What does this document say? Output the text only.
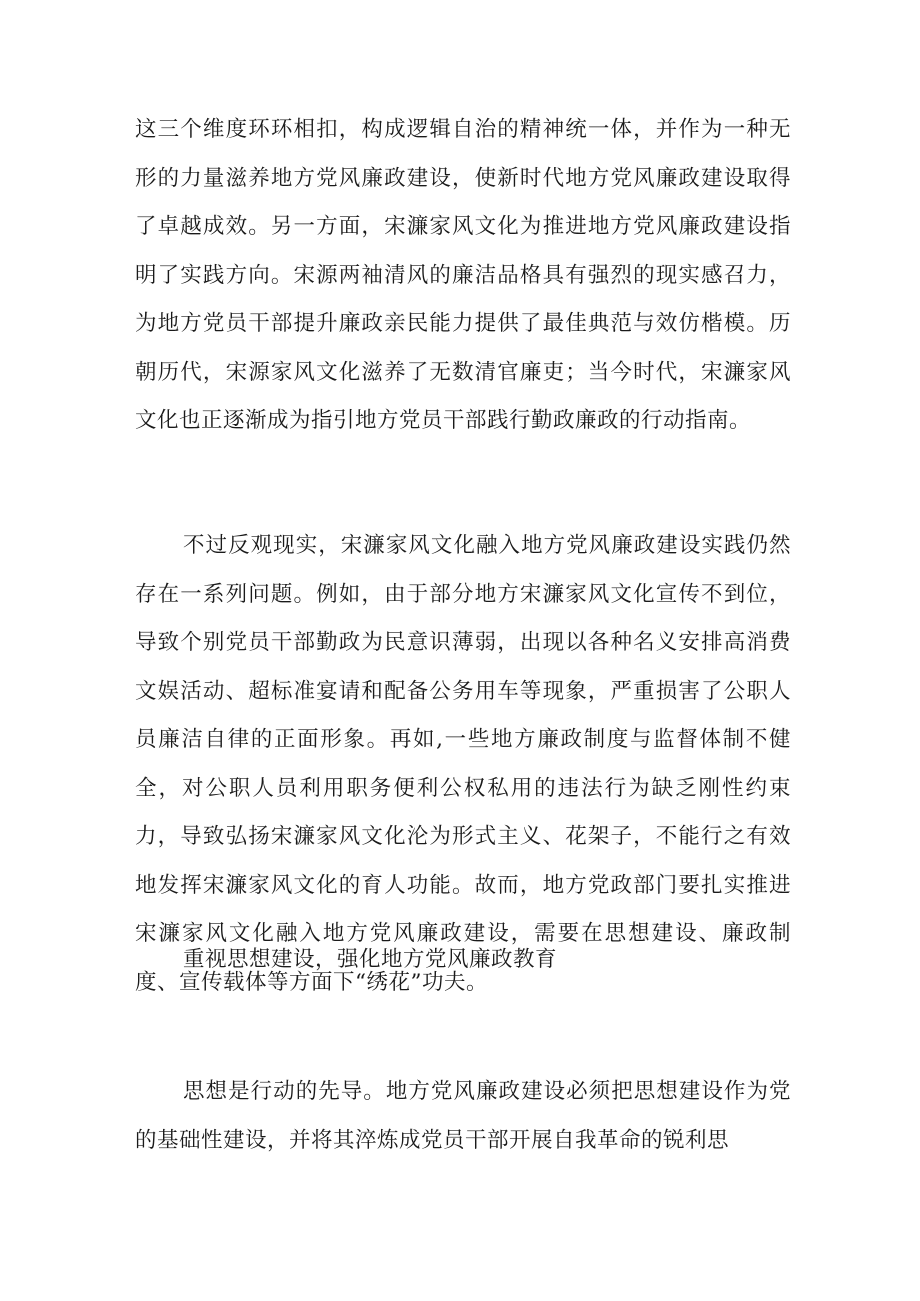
这三个维度环环相扣，构成逻辑自治的精神统一体，并作为一种无形的力量滋养地方党风廉政建设，使新时代地方党风廉政建设取得了卓越成效。另一方面，宋濂家风文化为推进地方党风廉政建设指明了实践方向。宋源两袖清风的廉洁品格具有强烈的现实感召力，为地方党员干部提升廉政亲民能力提供了最佳典范与效仿楷模。历朝历代，宋源家风文化滋养了无数清官廉吏；当今时代，宋濂家风文化也正逐渐成为指引地方党员干部践行勤政廉政的行动指南。

不过反观现实，宋濂家风文化融入地方党风廉政建设实践仍然存在一系列问题。例如，由于部分地方宋濂家风文化宣传不到位，导致个别党员干部勤政为民意识薄弱，出现以各种名义安排高消费文娱活动、超标准宴请和配备公务用车等现象，严重损害了公职人员廉洁自律的正面形象。再如,一些地方廉政制度与监督体制不健全，对公职人员利用职务便利公权私用的违法行为缺乏刚性约束力，导致弘扬宋濂家风文化沦为形式主义、花架子，不能行之有效地发挥宋濂家风文化的育人功能。故而，地方党政部门要扎实推进宋濂家风文化融入地方党风廉政建设，需要在思想建设、廉政制度、宣传载体等方面下“绣花”功夫。

重视思想建设，强化地方党风廉政教育

思想是行动的先导。地方党风廉政建设必须把思想建设作为党的基础性建设，并将其淬炼成党员干部开展自我革命的锐利思
